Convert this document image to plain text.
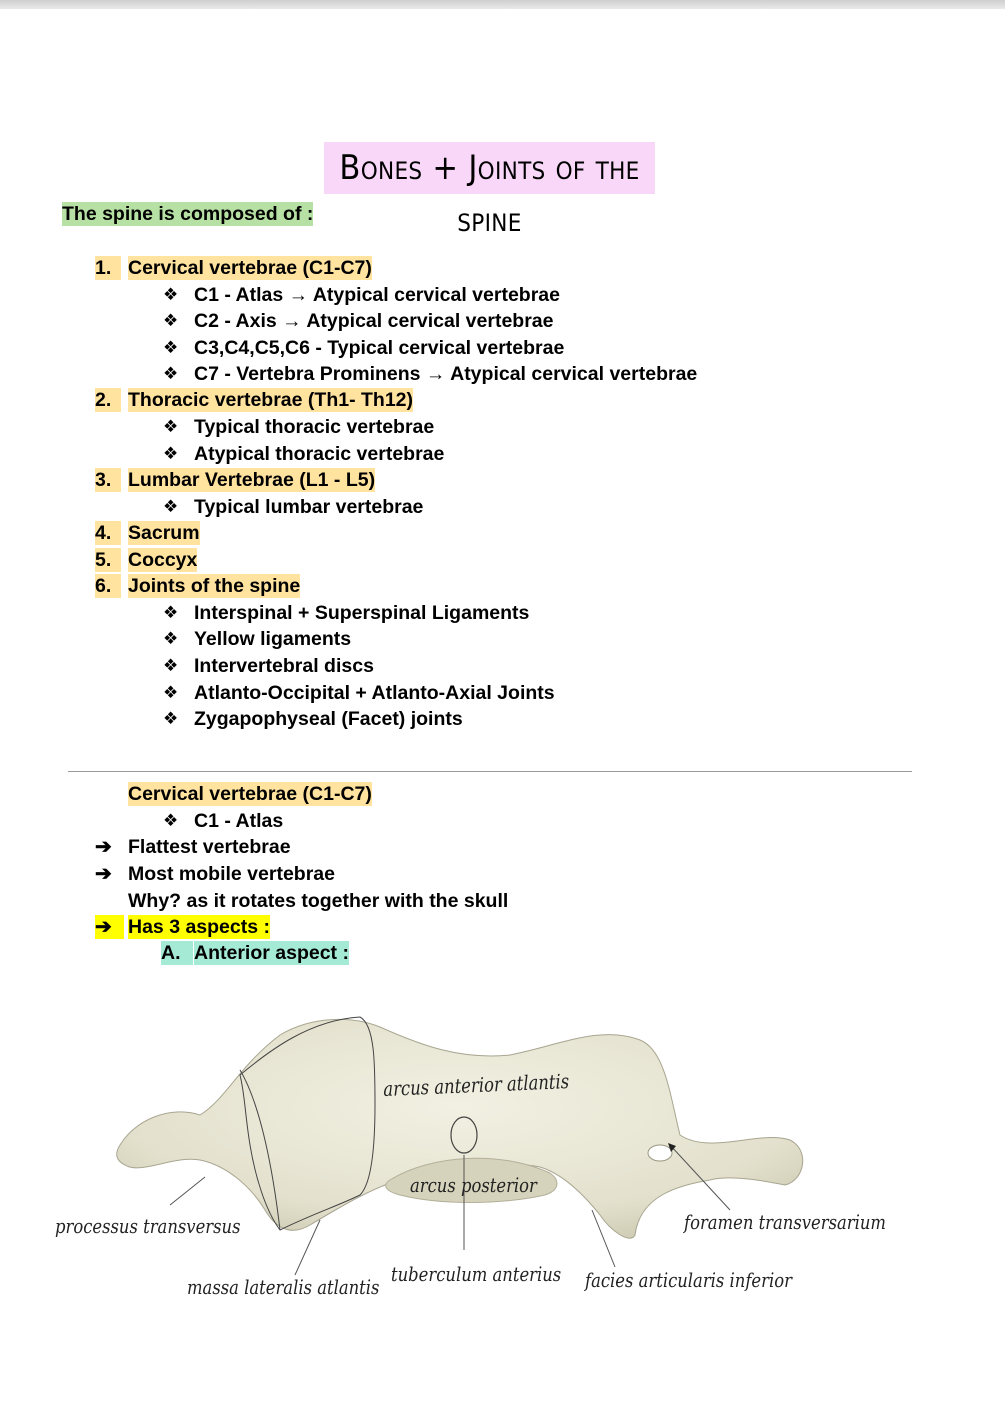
Bones + Joints of the spine
The spine is composed of :
1. Cervical vertebrae (C1-C7)
❖ C1 - Atlas → Atypical cervical vertebrae
❖ C2 - Axis → Atypical cervical vertebrae
❖ C3,C4,C5,C6 - Typical cervical vertebrae
❖ C7 - Vertebra Prominens → Atypical cervical vertebrae
2. Thoracic vertebrae (Th1- Th12)
❖ Typical thoracic vertebrae
❖ Atypical thoracic vertebrae
3. Lumbar Vertebrae (L1 - L5)
❖ Typical lumbar vertebrae
4. Sacrum
5. Coccyx
6. Joints of the spine
❖ Interspinal + Superspinal Ligaments
❖ Yellow ligaments
❖ Intervertebral discs
❖ Atlanto-Occipital + Atlanto-Axial Joints
❖ Zygapophyseal (Facet) joints
Cervical vertebrae (C1-C7)
❖ C1 - Atlas
➔ Flattest vertebrae
➔ Most mobile vertebrae
Why? as it rotates together with the skull
➔ Has 3 aspects :
A. Anterior aspect :
arcus anterior atlantis
arcus posterior
processus transversus	foramen transversarium
massa lateralis atlantis
tuberculum anterius facies articularis inferior
